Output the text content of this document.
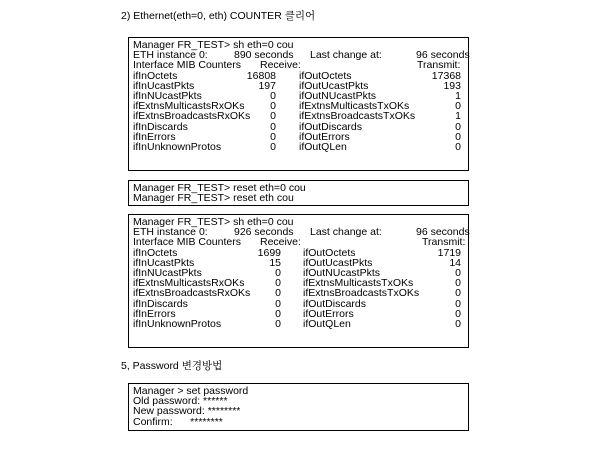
2) Ethernet(eth=0, eth) COUNTER 클리어
Manager FR_TEST> sh eth=0 cou

ETH instance 0:

	890 seconds

Last change at:

	96 seconds

Interface MIB Counters

Receive:

	Transmit:

ifInOctets	16808 ifOutOctets	17368
ifInUcastPkts	197 ifOutUcastPkts	193
ifInNUcastPkts	0 ifOutNUcastPkts	1
ifExtnsMulticastsRxOKs 0 ifExtnsMulticastsTxOKs	0
ifExtnsBroadcastsRxOKs 0 ifExtnsBroadcastsTxOKs	1
ifInDiscards	0 ifOutDiscards	0
ifInErrors	0 ifOutErrors	0
ifInUnknownProtos	0 ifOutQLen	0
Manager FR_TEST> reset eth=0 cou
Manager FR_TEST> reset eth cou
Manager FR_TEST> sh eth=0 cou

ETH instance 0:

	926 seconds

Last change at:

	96 seconds

Interface MIB Counters

Receive:

	Transmit:

ifInOctets	1699 ifOutOctets	1719
ifInUcastPkts	15 ifOutUcastPkts	14
ifInNUcastPkts	0 ifOutNUcastPkts	0
ifExtnsMulticastsRxOKs	0 ifExtnsMulticastsTxOKs	0
ifExtnsBroadcastsRxOKs 0 ifExtnsBroadcastsTxOKs	0
ifInDiscards	0 ifOutDiscards	0
ifInErrors	0 ifOutErrors	0
ifInUnknownProtos	0 ifOutQLen	0
5, Password 변경방법
Manager > set password
Old password: ******
New password: ********
Confirm:      ********
